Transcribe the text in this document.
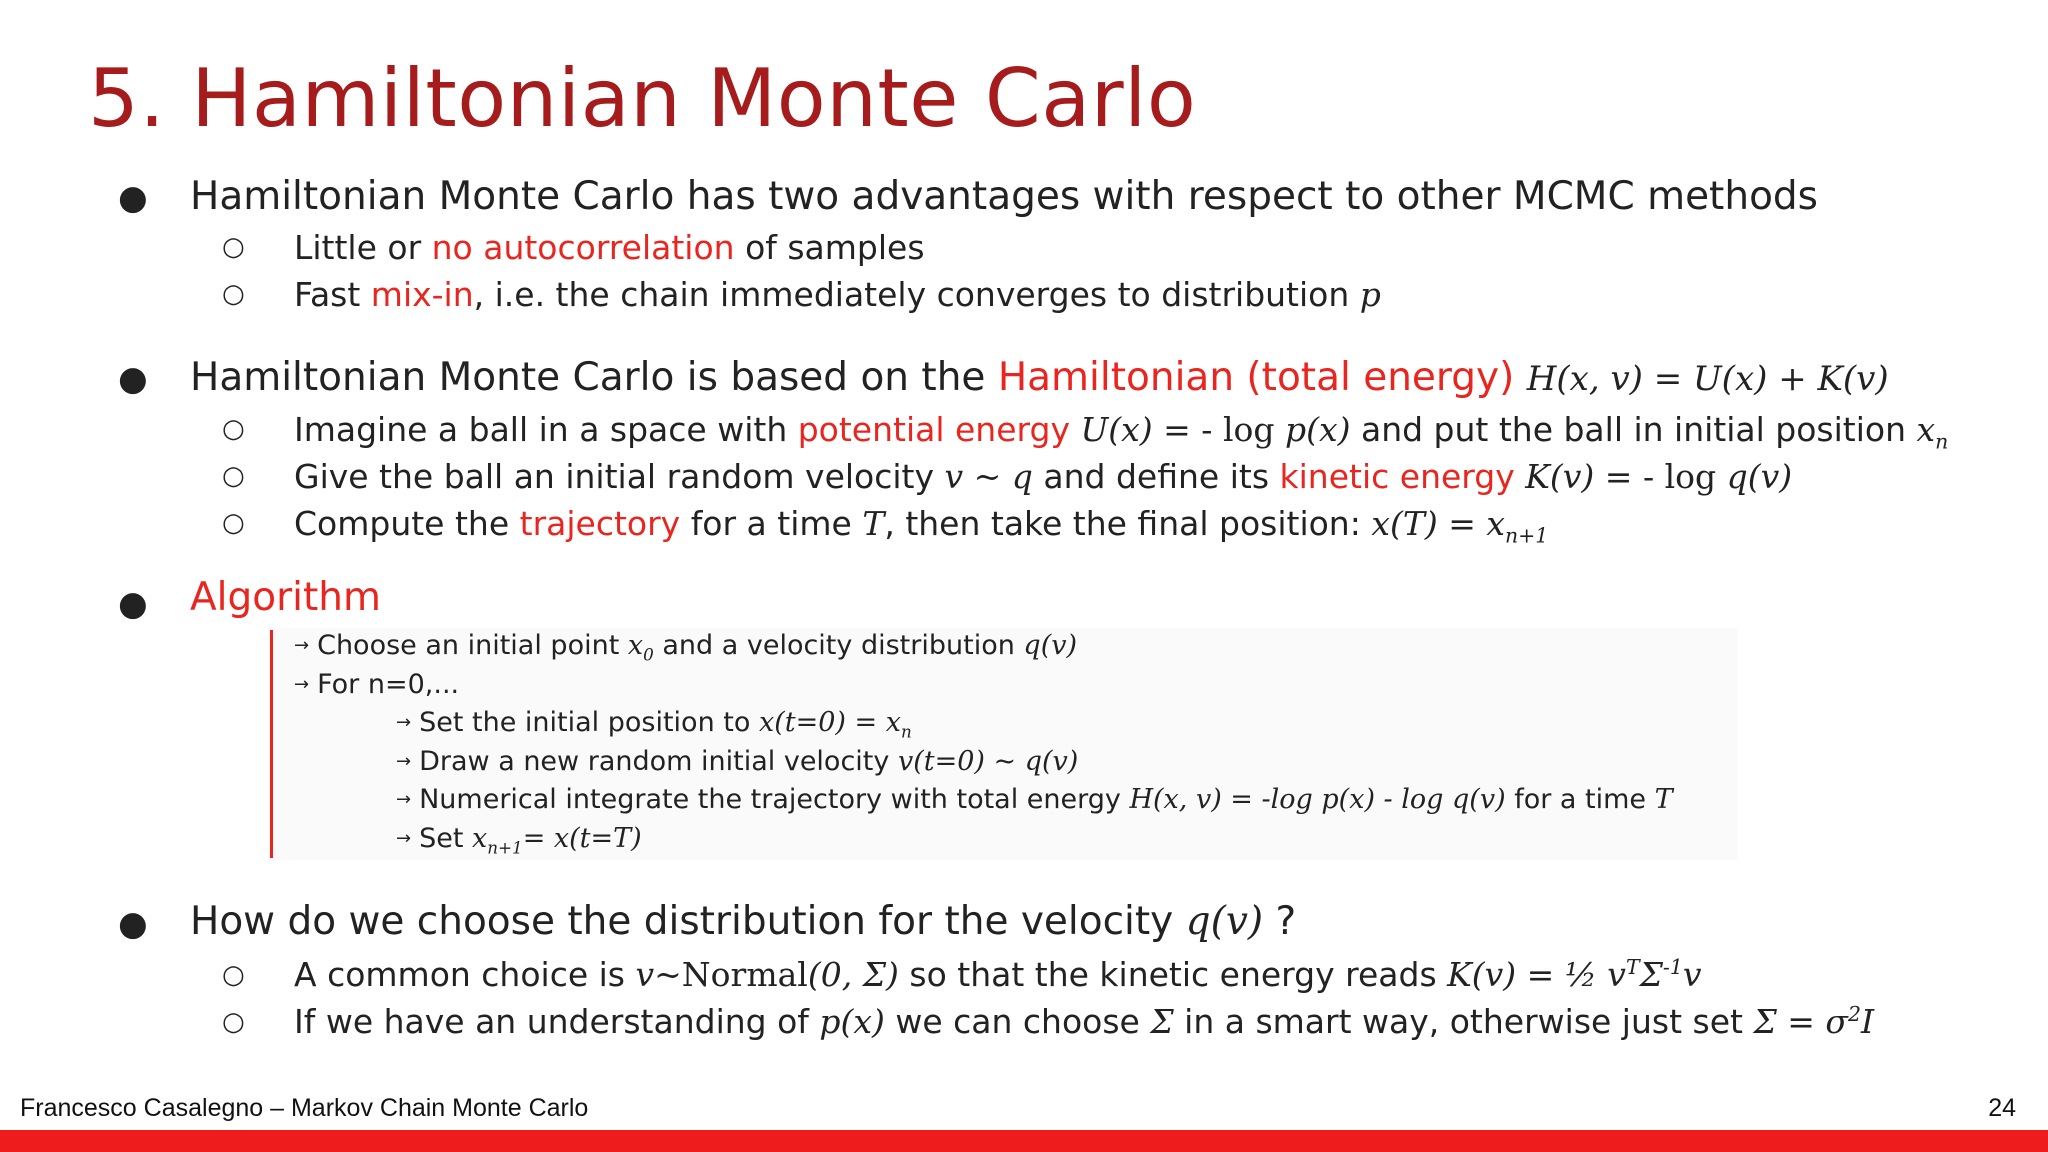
5. Hamiltonian Monte Carlo
● Hamiltonian Monte Carlo has two advantages with respect to other MCMC methods
○ Little or no autocorrelation of samples
○ Fast mix-in, i.e. the chain immediately converges to distribution p
● Hamiltonian Monte Carlo is based on the Hamiltonian (total energy) H(x, v) = U(x) + K(v)
○ Imagine a ball in a space with potential energy U(x) = - log p(x) and put the ball in initial position $x_n$
○ Give the ball an initial random velocity v ~ q and define its kinetic energy K(v) = - log q(v)
○ Compute the trajectory for a time T, then take the final position: $x(T) = x_{n+1}$
● Algorithm
→ Choose an initial point $x_0$ and a velocity distribution q(v)
→ For n=0,...
→ Set the initial position to $x(t=0) = x_n$
→ Draw a new random initial velocity v(t=0) ~ q(v)
→ Numerical integrate the trajectory with total energy H(x, v) = -log p(x) - log q(v) for a time T
→ Set $x_{n+1}= x(t=T)$
● How do we choose the distribution for the velocity q(v) ?
○ A common choice is v~Normal(0, Σ) so that the kinetic energy reads K(v) = ½ $v^T\Sigma^{-1}v$
○ If we have an understanding of p(x) we can choose Σ in a smart way, otherwise just set $\Sigma = \sigma^2I$
Francesco Casalegno – Markov Chain Monte Carlo	24
